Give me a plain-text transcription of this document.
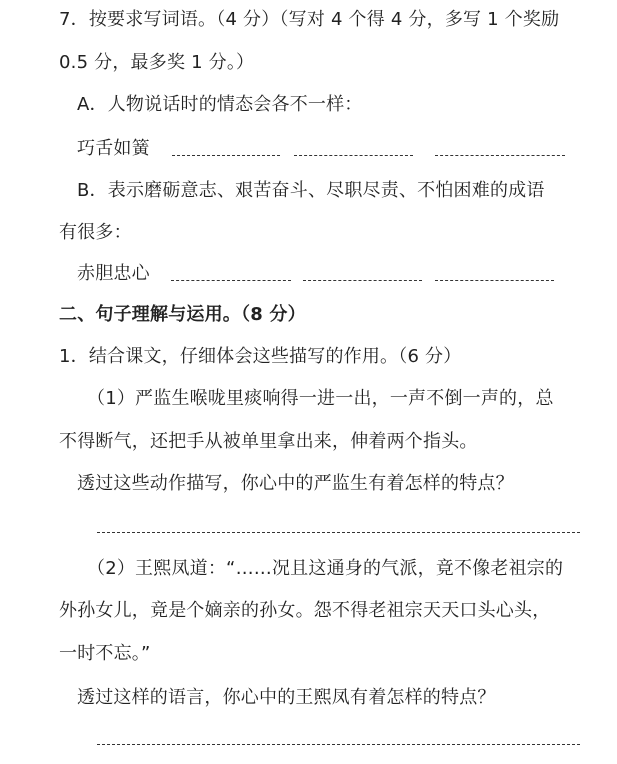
7．按要求写词语。（4 分）（写对 4 个得 4 分，多写 1 个奖励
0.5 分，最多奖 1 分。）
A．人物说话时的情态会各不一样：
巧舌如簧
B．表示磨砺意志、艰苦奋斗、尽职尽责、不怕困难的成语
有很多：
赤胆忠心
二、句子理解与运用。（8 分）
1．结合课文，仔细体会这些描写的作用。（6 分）
（1）严监生喉咙里痰响得一进一出，一声不倒一声的，总
不得断气，还把手从被单里拿出来，伸着两个指头。
透过这些动作描写，你心中的严监生有着怎样的特点？
（2）王熙凤道：“……况且这通身的气派，竟不像老祖宗的
外孙女儿，竟是个嫡亲的孙女。怨不得老祖宗天天口头心头，
一时不忘。”
透过这样的语言，你心中的王熙凤有着怎样的特点？
